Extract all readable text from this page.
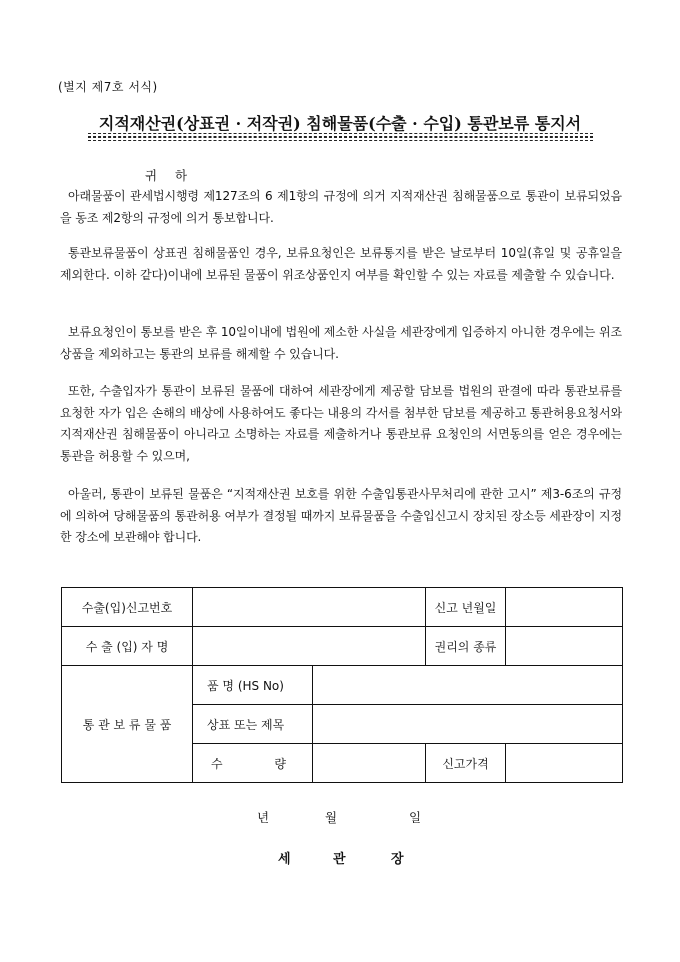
(별지 제7호 서식)
지적재산권(상표권 · 저작권) 침해물품(수출 · 수입) 통관보류 통지서
귀 하
아래물품이 관세법시행령 제127조의 6 제1항의 규정에 의거 지적재산권 침해물품으로 통관이 보류되었음을 동조 제2항의 규정에 의거 통보합니다.
통관보류물품이 상표권 침해물품인 경우, 보류요청인은 보류통지를 받은 날로부터 10일(휴일 및 공휴일을 제외한다. 이하 같다)이내에 보류된 물품이 위조상품인지 여부를 확인할 수 있는 자료를 제출할 수 있습니다.
보류요청인이 통보를 받은 후 10일이내에 법원에 제소한 사실을 세관장에게 입증하지 아니한 경우에는 위조상품을 제외하고는 통관의 보류를 해제할 수 있습니다.
또한, 수출입자가 통관이 보류된 물품에 대하여 세관장에게 제공할 담보를 법원의 판결에 따라 통관보류를 요청한 자가 입은 손해의 배상에 사용하여도 좋다는 내용의 각서를 첨부한 담보를 제공하고 통관허용요청서와 지적재산권 침해물품이 아니라고 소명하는 자료를 제출하거나 통관보류 요청인의 서면동의를 얻은 경우에는 통관을 허용할 수 있으며,
아울러, 통관이 보류된 물품은 “지적재산권 보호를 위한 수출입통관사무처리에 관한 고시” 제3-6조의 규정에 의하여 당해물품의 통관허용 여부가 결정될 때까지 보류물품을 수출입신고시 장치된 장소등 세관장이 지정한 장소에 보관해야 합니다.
수출(입)신고번호			신고 년월일	
수 출 (입) 자 명			권리의 종류	
통 관 보 류 물 품	품 명 (HS No)			
	상표 또는 제목			

	수 량		신고가격	
년	월	일
세	관	장
